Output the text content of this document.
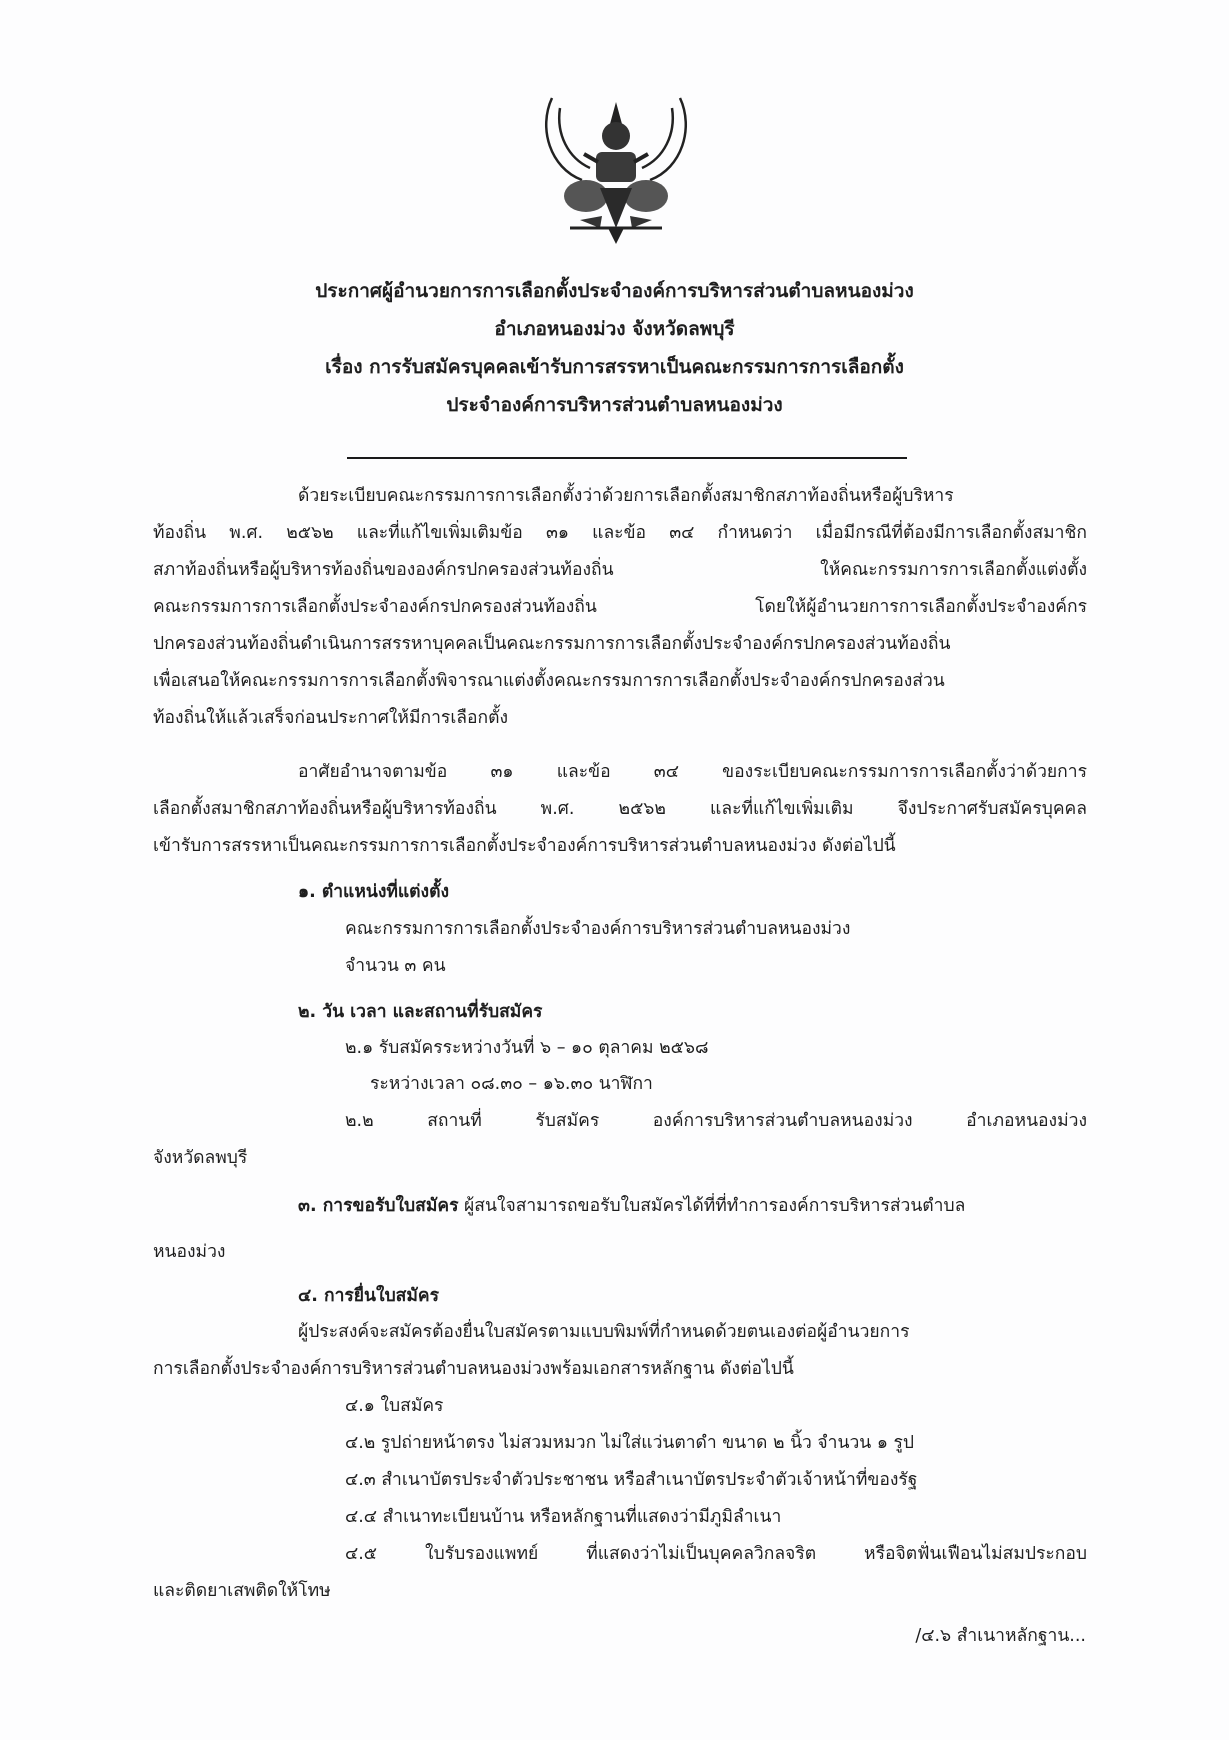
ประกาศผู้อำนวยการการเลือกตั้งประจำองค์การบริหารส่วนตำบลหนองม่วง
อำเภอหนองม่วง จังหวัดลพบุรี
เรื่อง การรับสมัครบุคคลเข้ารับการสรรหาเป็นคณะกรรมการการเลือกตั้ง
ประจำองค์การบริหารส่วนตำบลหนองม่วง
ด้วยระเบียบคณะกรรมการการเลือกตั้งว่าด้วยการเลือกตั้งสมาชิกสภาท้องถิ่นหรือผู้บริหาร
ท้องถิ่น พ.ศ. ๒๕๖๒ และที่แก้ไขเพิ่มเติมข้อ ๓๑ และข้อ ๓๔ กำหนดว่า เมื่อมีกรณีที่ต้องมีการเลือกตั้งสมาชิก
สภาท้องถิ่นหรือผู้บริหารท้องถิ่นขององค์กรปกครองส่วนท้องถิ่น ให้คณะกรรมการการเลือกตั้งแต่งตั้ง
คณะกรรมการการเลือกตั้งประจำองค์กรปกครองส่วนท้องถิ่น โดยให้ผู้อำนวยการการเลือกตั้งประจำองค์กร
ปกครองส่วนท้องถิ่นดำเนินการสรรหาบุคคลเป็นคณะกรรมการการเลือกตั้งประจำองค์กรปกครองส่วนท้องถิ่น
เพื่อเสนอให้คณะกรรมการการเลือกตั้งพิจารณาแต่งตั้งคณะกรรมการการเลือกตั้งประจำองค์กรปกครองส่วน
ท้องถิ่นให้แล้วเสร็จก่อนประกาศให้มีการเลือกตั้ง
อาศัยอำนาจตามข้อ ๓๑ และข้อ ๓๔ ของระเบียบคณะกรรมการการเลือกตั้งว่าด้วยการ
เลือกตั้งสมาชิกสภาท้องถิ่นหรือผู้บริหารท้องถิ่น พ.ศ. ๒๕๖๒ และที่แก้ไขเพิ่มเติม จึงประกาศรับสมัครบุคคล
เข้ารับการสรรหาเป็นคณะกรรมการการเลือกตั้งประจำองค์การบริหารส่วนตำบลหนองม่วง ดังต่อไปนี้
๑. ตำแหน่งที่แต่งตั้ง
คณะกรรมการการเลือกตั้งประจำองค์การบริหารส่วนตำบลหนองม่วง
จำนวน ๓ คน
๒. วัน เวลา และสถานที่รับสมัคร
๒.๑ รับสมัครระหว่างวันที่ ๖ – ๑๐ ตุลาคม ๒๕๖๘
ระหว่างเวลา ๐๘.๓๐ – ๑๖.๓๐ นาฬิกา
๒.๒ สถานที่ รับสมัคร องค์การบริหารส่วนตำบลหนองม่วง อำเภอหนองม่วง
จังหวัดลพบุรี
๓. การขอรับใบสมัคร ผู้สนใจสามารถขอรับใบสมัครได้ที่ที่ทำการองค์การบริหารส่วนตำบล
หนองม่วง
๔. การยื่นใบสมัคร
ผู้ประสงค์จะสมัครต้องยื่นใบสมัครตามแบบพิมพ์ที่กำหนดด้วยตนเองต่อผู้อำนวยการ
การเลือกตั้งประจำองค์การบริหารส่วนตำบลหนองม่วงพร้อมเอกสารหลักฐาน ดังต่อไปนี้
๔.๑ ใบสมัคร
๔.๒ รูปถ่ายหน้าตรง ไม่สวมหมวก ไม่ใส่แว่นตาดำ ขนาด ๒ นิ้ว จำนวน ๑ รูป
๔.๓ สำเนาบัตรประจำตัวประชาชน หรือสำเนาบัตรประจำตัวเจ้าหน้าที่ของรัฐ
๔.๔ สำเนาทะเบียนบ้าน หรือหลักฐานที่แสดงว่ามีภูมิลำเนา
๔.๕ ใบรับรองแพทย์ ที่แสดงว่าไม่เป็นบุคคลวิกลจริต หรือจิตฟั่นเฟือนไม่สมประกอบ
และติดยาเสพติดให้โทษ
/๔.๖ สำเนาหลักฐาน...
